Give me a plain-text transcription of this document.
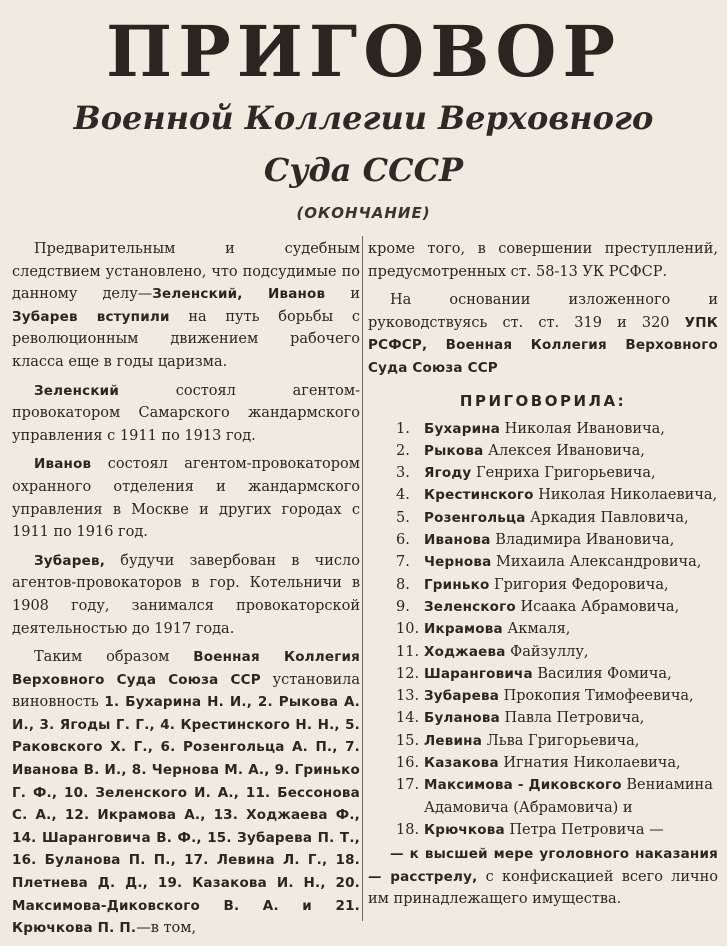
ПРИГОВОР
Военной Коллегии Верховного
Суда СССР
(ОКОНЧАНИЕ)

Предварительным и судебным следствием установлено, что подсудимые по данному делу—Зеленский, Иванов и Зубарев вступили на путь борьбы с революционным движением рабочего класса еще в годы царизма.

Зеленский состоял агентом-провокатором Самарского жандармского управления с 1911 по 1913 год.

Иванов состоял агентом-провокатором охранного отделения и жандармского управления в Москве и других городах с 1911 по 1916 год.

Зубарев, будучи завербован в число агентов-провокаторов в гор. Котельничи в 1908 году, занимался провокаторской деятельностью до 1917 года.

Таким образом Военная Коллегия Верховного Суда Союза ССР установила виновность 1. Бухарина Н. И., 2. Рыкова А. И., 3. Ягоды Г. Г., 4. Крестинского Н. Н., 5. Раковского Х. Г., 6. Розенгольца А. П., 7. Иванова В. И., 8. Чернова М. А., 9. Гринько Г. Ф., 10. Зеленского И. А., 11. Бессонова С. А., 12. Икрамова А., 13. Ходжаева Ф., 14. Шаранговича В. Ф., 15. Зубарева П. Т., 16. Буланова П. П., 17. Левина Л. Г., 18. Плетнева Д. Д., 19. Казакова И. Н., 20. Максимова-Диковского В. А. и 21. Крючкова П. П.—в том,

кроме того, в совершении преступлений, предусмотренных ст. 58-13 УК РСФСР.

На основании изложенного и руководствуясь ст. ст. 319 и 320 УПК РСФСР, Военная Коллегия Верховного Суда Союза ССР

ПРИГОВОРИЛА:
1. Бухарина Николая Ивановича,
2. Рыкова Алексея Ивановича,
3. Ягоду Генриха Григорьевича,
4. Крестинского Николая Николаевича,
5. Розенгольца Аркадия Павловича,
6. Иванова Владимира Ивановича,
7. Чернова Михаила Александровича,
8. Гринько Григория Федоровича,
9. Зеленского Исаака Абрамовича,
10. Икрамова Акмаля,
11. Ходжаева Файзуллу,
12. Шаранговича Василия Фомича,
13. Зубарева Прокопия Тимофеевича,
14. Буланова Павла Петровича,
15. Левина Льва Григорьевича,
16. Казакова Игнатия Николаевича,
17. Максимова - Диковского Вениамина Адамовича (Абрамовича) и
18. Крючкова Петра Петровича —

— к высшей мере уголовного наказания — расстрелу, с конфискацией всего лично им принадлежащего имущества.
